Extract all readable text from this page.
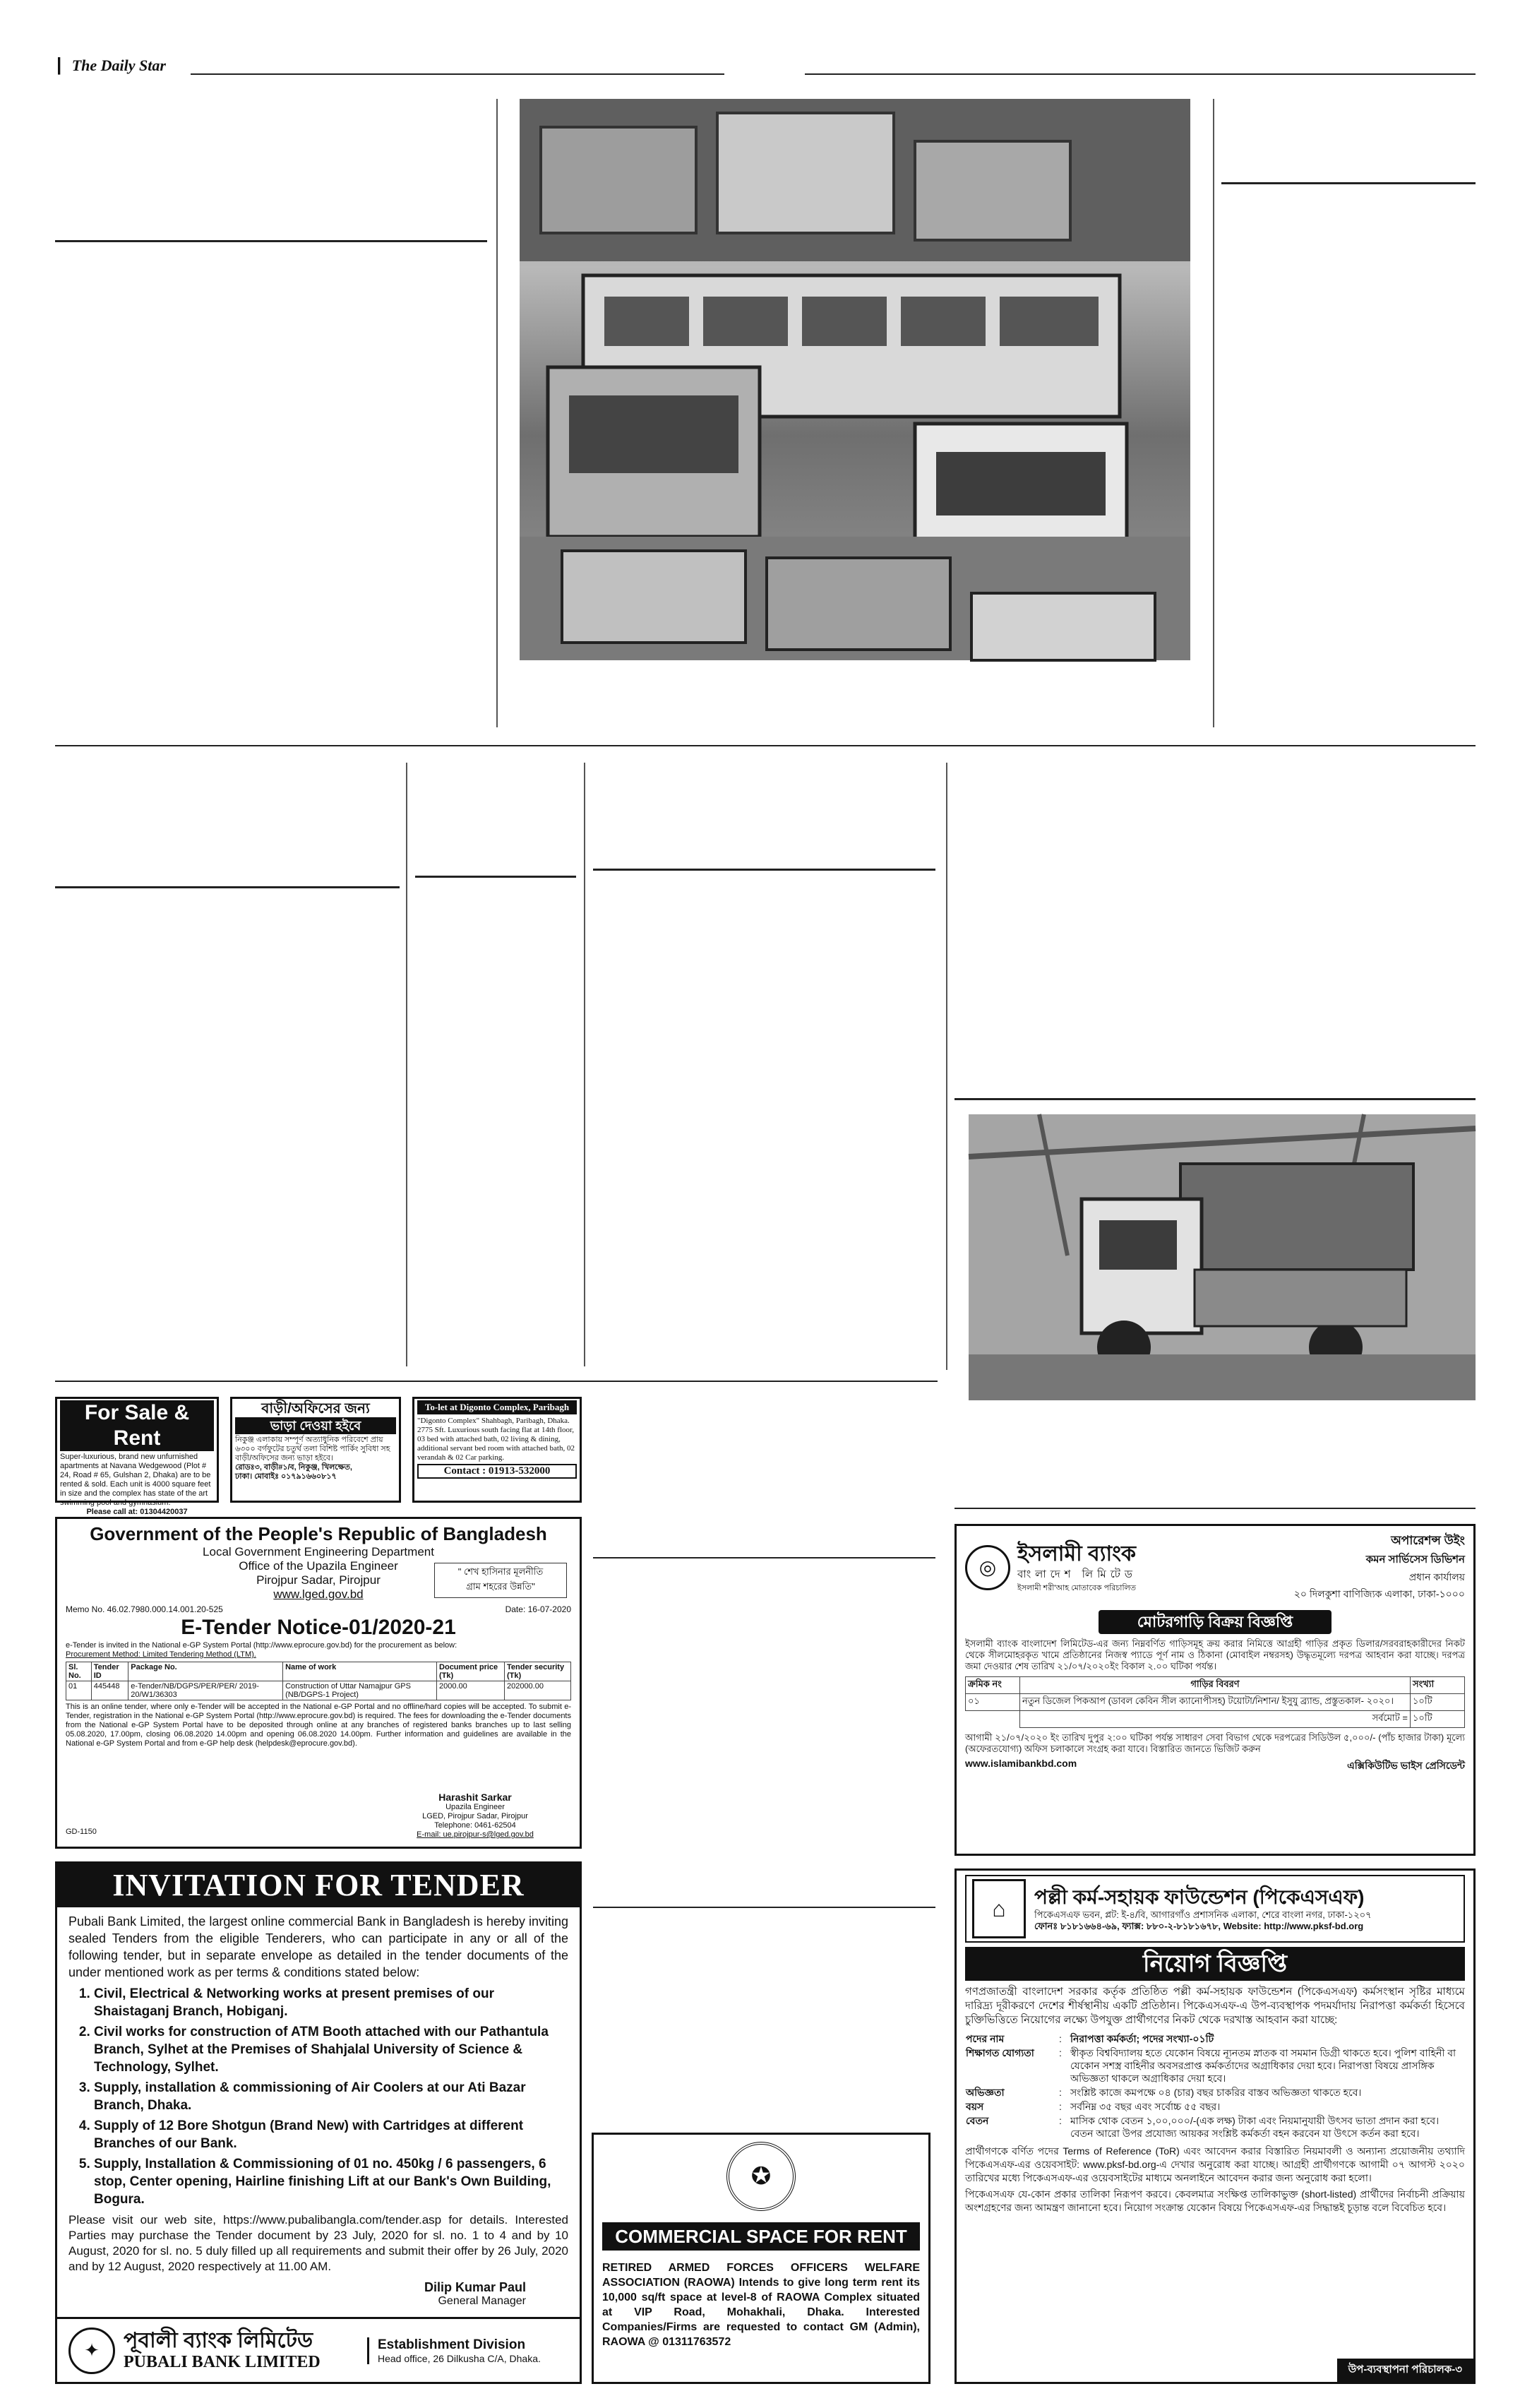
| The Daily Star
For Sale & Rent
Super-luxurious, brand new unfurnished apartments at Navana Wedgewood (Plot # 24, Road # 65, Gulshan 2, Dhaka) are to be rented & sold. Each unit is 4000 square feet in size and the complex has state of the art swimming pool and gymnasium.
Please call at: 01304420037
বাড়ী/অফিসের জন্য
ভাড়া দেওয়া হইবে
নিকুঞ্জ এলাকায় সম্পূর্ণ অত্যাধুনিক পরিবেশে প্রায় ৬৩০০ বর্গফুটের চতুর্থ তলা বিশিষ্ট পার্কিং সুবিধা সহ বাড়ী/অফিসের জন্য ভাড়া হইবে।
রোডঃ৩, বাড়ী#১/ব, নিকুঞ্জ, খিলক্ষেত,
ঢাকা। মোবাইঃ ০১৭৯১৬৬০৮১৭
To-let at Digonto Complex, Paribagh
"Digonto Complex" Shahbagh, Paribagh, Dhaka. 2775 Sft. Luxurious south facing flat at 14th floor, 03 bed with attached bath, 02 living & dining, additional servant bed room with attached bath, 02 verandah & 02 Car parking.
Contact : 01913-532000
Government of the People's Republic of Bangladesh
Local Government Engineering Department
Office of the Upazila Engineer
Pirojpur Sadar, Pirojpur
www.lged.gov.bd
" শেখ হাসিনার মূলনীতি
গ্রাম শহরের উন্নতি"
Memo No. 46.02.7980.000.14.001.20-525	Date: 16-07-2020
E-Tender Notice-01/2020-21
e-Tender is invited in the National e-GP System Portal (http://www.eprocure.gov.bd) for the procurement as below:
Procurement Method: Limited Tendering Method (LTM).
Sl. No.	Tender ID	Package No.	Name of work	Document price (Tk)	Tender security (Tk)
01	445448	e-Tender/NB/DGPS/PER/PER/ 2019-20/W1/36303	Construction of Uttar Namajpur GPS (NB/DGPS-1 Project)	2000.00	202000.00
This is an online tender, where only e-Tender will be accepted in the National e-GP Portal and no offline/hard copies will be accepted. To submit e-Tender, registration in the National e-GP System Portal (http://www.eprocure.gov.bd) is required. The fees for downloading the e-Tender documents from the National e-GP System Portal have to be deposited through online at any branches of registered banks branches up to last selling 05.08.2020, 17.00pm, closing 06.08.2020 14.00pm and opening 06.08.2020 14.00pm. Further information and guidelines are available in the National e-GP System Portal and from e-GP help desk (helpdesk@eprocure.gov.bd).
Harashit Sarkar
Upazila Engineer
LGED, Pirojpur Sadar, Pirojpur
Telephone: 0461-62504
E-mail: ue.pirojpur-s@lged.gov.bd
GD-1150
INVITATION FOR TENDER
Pubali Bank Limited, the largest online commercial Bank in Bangladesh is hereby inviting sealed Tenders from the eligible Tenderers, who can participate in any or all of the following tender, but in separate envelope as detailed in the tender documents of the under mentioned work as per terms & conditions stated below:
1. Civil, Electrical & Networking works at present premises of our Shaistaganj Branch, Hobiganj.
2. Civil works for construction of ATM Booth attached with our Pathantula Branch, Sylhet at the Premises of Shahjalal University of Science & Technology, Sylhet.
3. Supply, installation & commissioning of Air Coolers at our Ati Bazar Branch, Dhaka.
4. Supply of 12 Bore Shotgun (Brand New) with Cartridges at different Branches of our Bank.
5. Supply, Installation & Commissioning of 01 no. 450kg / 6 passengers, 6 stop, Center opening, Hairline finishing Lift at our Bank's Own Building, Bogura.
Please visit our web site, https://www.pubalibangla.com/tender.asp for details. Interested Parties may purchase the Tender document by 23 July, 2020 for sl. no. 1 to 4 and by 10 August, 2020 for sl. no. 5 duly filled up all requirements and submit their offer by 26 July, 2020 and by 12 August, 2020 respectively at 11.00 AM.
Dilip Kumar Paul
General Manager
✦ পূবালী ব্যাংক লিমিটেড
PUBALI BANK LIMITED
Establishment Division
Head office, 26 Dilkusha C/A, Dhaka.
✪
COMMERCIAL SPACE FOR RENT
RETIRED ARMED FORCES OFFICERS WELFARE ASSOCIATION (RAOWA) Intends to give long term rent its 10,000 sq/ft space at level-8 of RAOWA Complex situated at VIP Road, Mohakhali, Dhaka. Interested Companies/Firms are requested to contact GM (Admin), RAOWA @ 01311763572
◎
ইসলামী ব্যাংক
বাংলাদেশ লিমিটেড
ইসলামী শরী'আহ মোতাবেক পরিচালিত
অপারেশন্স উইং
কমন সার্ভিসেস ডিভিশন
প্রধান কার্যালয়
২০ দিলকুশা বাণিজ্যিক এলাকা, ঢাকা-১০০০
মোটরগাড়ি বিক্রয় বিজ্ঞপ্তি
ইসলামী ব্যাংক বাংলাদেশ লিমিটেড-এর জন্য নিম্নবর্ণিত গাড়িসমূহ ক্রয় করার নিমিত্তে আগ্রহী গাড়ির প্রকৃত ডিলার/সরবরাহকারীদের নিকট থেকে সীলমোহরকৃত খামে প্রতিষ্ঠানের নিজস্ব প্যাডে পূর্ণ নাম ও ঠিকানা (মোবাইল নম্বরসহ) উদ্ধৃতমূল্যে দরপত্র আহবান করা যাচ্ছে। দরপত্র জমা দেওয়ার শেষ তারিখ ২১/০৭/২০২০ইং বিকাল ২.০০ ঘটিকা পর্যন্ত।
ক্রমিক নং	গাড়ির বিবরণ	সংখ্যা
০১	নতুন ডিজেল পিকআপ (ডাবল কেবিন সীল ক্যানোপীসহ) টয়োটা/নিশান/ ইসুযু ব্র্যান্ড, প্রস্তুতকাল- ২০২০।	১০টি
	সর্বমোট =	১০টি
আগামী ২১/০৭/২০২০ ইং তারিখ দুপুর ২:০০ ঘটিকা পর্যন্ত সাধারণ সেবা বিভাগ থেকে দরপত্রের সিডিউল ৫,০০০/- (পাঁচ হাজার টাকা) মূল্যে (অফেরতযোগ্য) অফিস চলাকালে সংগ্রহ করা যাবে। বিস্তারিত জানতে ভিজিট করুন
www.islamibankbd.com	এক্সিকিউটিভ ভাইস প্রেসিডেন্ট
⌂ পল্লী কর্ম-সহায়ক ফাউন্ডেশন (পিকেএসএফ)
পিকেএসএফ ভবন, প্লট: ই-৪/বি, আগারগাঁও প্রশাসনিক এলাকা, শেরে বাংলা নগর, ঢাকা-১২০৭
ফোনঃ ৮১৮১৬৬৪-৬৯, ফ্যাক্স: ৮৮০-২-৮১৮১৬৭৮, Website: http://www.pksf-bd.org
নিয়োগ বিজ্ঞপ্তি
গণপ্রজাতন্ত্রী বাংলাদেশ সরকার কর্তৃক প্রতিষ্ঠিত পল্লী কর্ম-সহায়ক ফাউন্ডেশন (পিকেএসএফ) কর্মসংস্থান সৃষ্টির মাধ্যমে দারিদ্র্য দূরীকরণে দেশের শীর্ষস্থানীয় একটি প্রতিষ্ঠান। পিকেএসএফ-এ উপ-ব্যবস্থাপক পদমর্যাদায় নিরাপত্তা কর্মকর্তা হিসেবে চুক্তিভিত্তিতে নিয়োগের লক্ষ্যে উপযুক্ত প্রার্থীগণের নিকট থেকে দরখাস্ত আহবান করা যাচ্ছে:
পদের নাম	:	নিরাপত্তা কর্মকর্তা; পদের সংখ্যা-০১টি
শিক্ষাগত যোগ্যতা	:	স্বীকৃত বিশ্ববিদ্যালয় হতে যেকোন বিষয়ে ন্যূনতম স্নাতক বা সমমান ডিগ্রী থাকতে হবে। পুলিশ বাহিনী বা যেকোন সশস্ত্র বাহিনীর অবসরপ্রাপ্ত কর্মকর্তাদের অগ্রাধিকার দেয়া হবে। নিরাপত্তা বিষয়ে প্রাসঙ্গিক অভিজ্ঞতা থাকলে অগ্রাধিকার দেয়া হবে।
অভিজ্ঞতা	:	সংশ্লিষ্ট কাজে কমপক্ষে ০৪ (চার) বছর চাকরির বাস্তব অভিজ্ঞতা থাকতে হবে।
বয়স	:	সর্বনিম্ন ৩৫ বছর এবং সর্বোচ্চ ৫৫ বছর।
বেতন	:	মাসিক থোক বেতন ১,০০,০০০/-(এক লক্ষ) টাকা এবং নিয়মানুযায়ী উৎসব ভাতা প্রদান করা হবে। বেতন আরো উপর প্রযোজ্য আয়কর সংশ্লিষ্ট কর্মকর্তা বহন করবেন যা উৎসে কর্তন করা হবে।
প্রার্থীগণকে বর্ণিত পদের Terms of Reference (ToR) এবং আবেদন করার বিস্তারিত নিয়মাবলী ও অন্যান্য প্রয়োজনীয় তথ্যাদি পিকেএসএফ-এর ওয়েবসাইট: www.pksf-bd.org-এ দেখার অনুরোধ করা যাচ্ছে। আগ্রহী প্রার্থীগণকে আগামী ০৭ আগস্ট ২০২০ তারিখের মধ্যে পিকেএসএফ-এর ওয়েবসাইটের মাধ্যমে অনলাইনে আবেদন করার জন্য অনুরোধ করা হলো।
পিকেএসএফ যে-কোন প্রকার তালিকা নিরূপণ করবে। কেবলমাত্র সংক্ষিপ্ত তালিকাভুক্ত (short-listed) প্রার্থীদের নির্বাচনী প্রক্রিয়ায় অংশগ্রহণের জন্য আমন্ত্রণ জানানো হবে। নিয়োগ সংক্রান্ত যেকোন বিষয়ে পিকেএসএফ-এর সিদ্ধান্তই চূড়ান্ত বলে বিবেচিত হবে।
উপ-ব্যবস্থাপনা পরিচালক-৩
